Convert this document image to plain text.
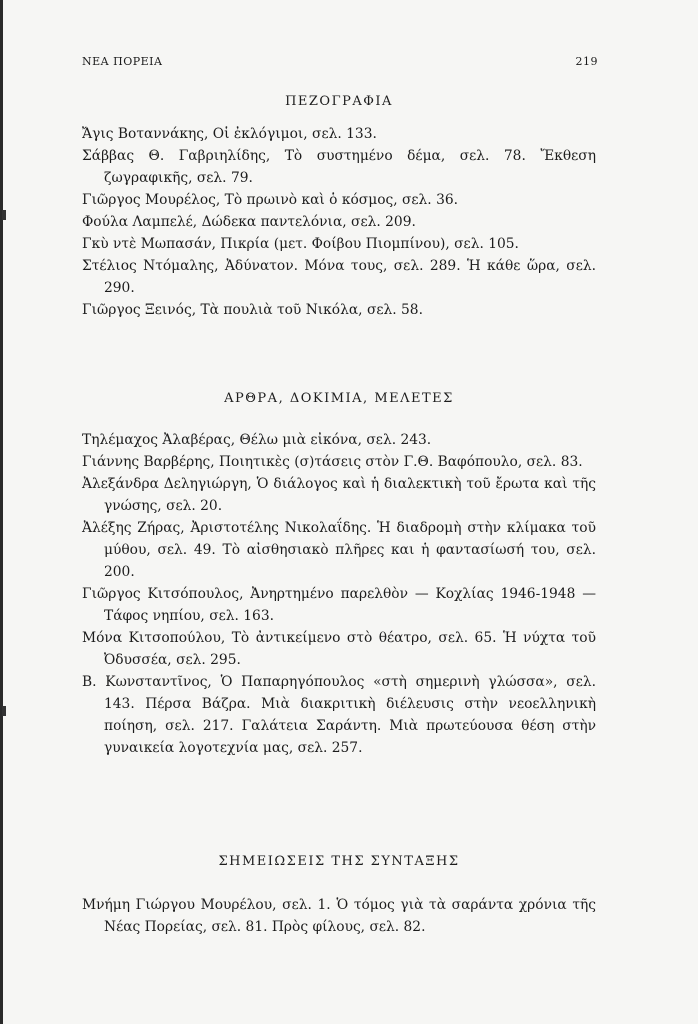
ΝΕΑ ΠΟΡΕΙΑ	219
ΠΕΖΟΓΡΑΦΙΑ

Ἄγις Βοταννάκης, Οἱ ἐκλόγιμοι, σελ. 133.

Σάββας Θ. Γαβριηλίδης, Τὸ συστημένο δέμα, σελ. 78. Ἔκθεση ζωγραφικῆς, σελ. 79.

Γιῶργος Μουρέλος, Τὸ πρωινὸ καὶ ὁ κόσμος, σελ. 36.

Φούλα Λαμπελέ, Δώδεκα παντελόνια, σελ. 209.

Γκὺ ντὲ Μωπασάν, Πικρία (μετ. Φοίβου Πιομπίνου), σελ. 105.

Στέλιος Ντόμαλης, Ἀδύνατον. Μόνα τους, σελ. 289. Ἡ κάθε ὥρα, σελ. 290.

Γιῶργος Ξεινός, Τὰ πουλιὰ τοῦ Νικόλα, σελ. 58.

ΑΡΘΡΑ, ΔΟΚΙΜΙΑ, ΜΕΛΕΤΕΣ

Τηλέμαχος Ἀλαβέρας, Θέλω μιὰ εἰκόνα, σελ. 243.

Γιάννης Βαρβέρης, Ποιητικὲς (σ)τάσεις στὸν Γ.Θ. Βαφόπουλο, σελ. 83.

Ἀλεξάνδρα Δεληγιώργη, Ὁ διάλογος καὶ ἡ διαλεκτικὴ τοῦ ἔρωτα καὶ τῆς γνώσης, σελ. 20.

Ἀλέξης Ζήρας, Ἀριστοτέλης Νικολαΐδης. Ἡ διαδρομὴ στὴν κλίμακα τοῦ μύθου, σελ. 49. Τὸ αἰσθησιακὸ πλῆρες και ἡ φαντασίωσή του, σελ. 200.

Γιῶργος Κιτσόπουλος, Ἀνηρτημένο παρελθὸν — Κοχλίας 1946-1948 — Τάφος νηπίου, σελ. 163.

Μόνα Κιτσοπούλου, Τὸ ἀντικείμενο στὸ θέατρο, σελ. 65. Ἡ νύχτα τοῦ Ὀδυσσέα, σελ. 295.

Β. Κωνσταντῖνος, Ὁ Παπαρηγόπουλος «στὴ σημερινὴ γλώσσα», σελ. 143. Πέρσα Βάζρα. Μιὰ διακριτικὴ διέλευσις στὴν νεοελληνικὴ ποίηση, σελ. 217. Γαλάτεια Σαράντη. Μιὰ πρωτεύουσα θέση στὴν γυναικεία λογοτεχνία μας, σελ. 257.

ΣΗΜΕΙΩΣΕΙΣ ΤΗΣ ΣΥΝΤΑΞΗΣ

Μνήμη Γιώργου Μουρέλου, σελ. 1. Ὁ τόμος γιὰ τὰ σαράντα χρόνια τῆς Νέας Πορείας, σελ. 81. Πρὸς φίλους, σελ. 82.
